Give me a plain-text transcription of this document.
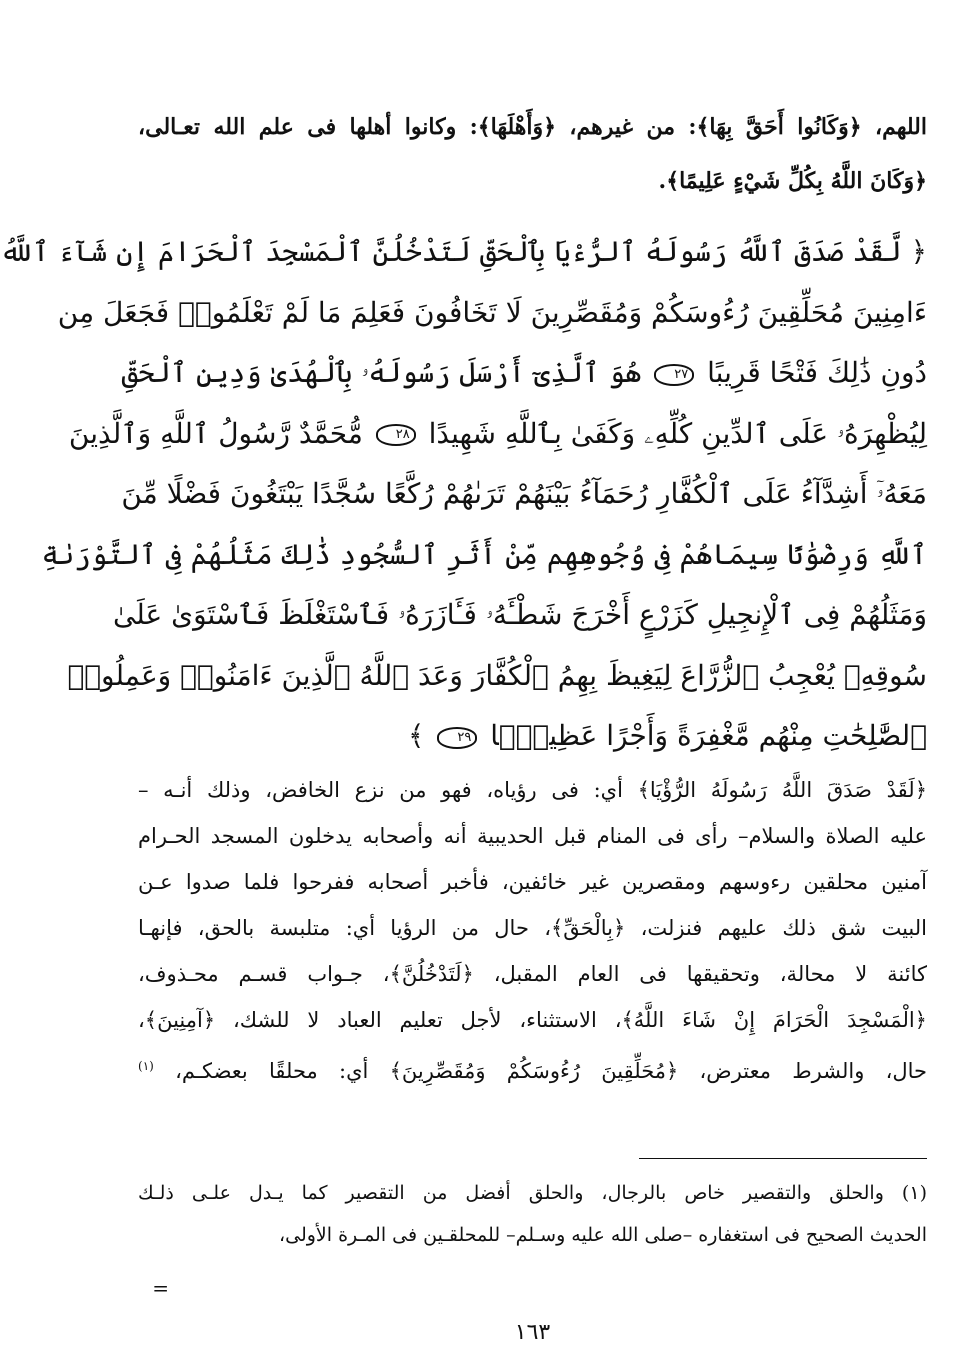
اللهم، ﴿وَكَانُوا أَحَقَّ بِهَا﴾: من غيرهم، ﴿وَأَهْلَهَا﴾: وكانوا أهلها فى علم الله تعـالى،
﴿وَكَانَ اللَّهُ بِكُلِّ شَيْءٍ عَلِيمًا﴾.
﴿ لَّقَدْ صَدَقَ ٱللَّهُ رَسُولَهُ ٱلرُّءْيَا بِٱلْحَقِّ لَتَدْخُلُنَّ ٱلْمَسْجِدَ ٱلْحَرَامَ إِن شَآءَ ٱللَّهُ
ءَامِنِينَ مُحَلِّقِينَ رُءُوسَكُمْ وَمُقَصِّرِينَ لَا تَخَافُونَ فَعَلِمَ مَا لَمْ تَعْلَمُوا۟ فَجَعَلَ مِن
دُونِ ذَٰلِكَ فَتْحًا قَرِيبًا ٢٧ هُوَ ٱلَّذِىٓ أَرْسَلَ رَسُولَهُۥ بِٱلْهُدَىٰ وَدِينِ ٱلْحَقِّ
لِيُظْهِرَهُۥ عَلَى ٱلدِّينِ كُلِّهِۦ وَكَفَىٰ بِٱللَّهِ شَهِيدًا ٢٨ مُّحَمَّدٌ رَّسُولُ ٱللَّهِ وَٱلَّذِينَ
مَعَهُۥٓ أَشِدَّآءُ عَلَى ٱلْكُفَّارِ رُحَمَآءُ بَيْنَهُمْ تَرَىٰهُمْ رُكَّعًا سُجَّدًا يَبْتَغُونَ فَضْلًا مِّنَ
ٱللَّهِ وَرِضْوَٰنًا سِيمَاهُمْ فِى وُجُوهِهِم مِّنْ أَثَرِ ٱلسُّجُودِ ذَٰلِكَ مَثَلُهُمْ فِى ٱلتَّوْرَىٰةِ
وَمَثَلُهُمْ فِى ٱلْإِنجِيلِ كَزَرْعٍ أَخْرَجَ شَطْـَٔهُۥ فَـَٔازَرَهُۥ فَٱسْتَغْلَظَ فَٱسْتَوَىٰ عَلَىٰ
سُوقِهِۦ يُعْجِبُ ٱلزُّرَّاعَ لِيَغِيظَ بِهِمُ ٱلْكُفَّارَ وَعَدَ ٱللَّهُ ٱلَّذِينَ ءَامَنُوا۟ وَعَمِلُوا۟
ٱلصَّٰلِحَٰتِ مِنْهُم مَّغْفِرَةً وَأَجْرًا عَظِيمًۢا ٢٩ ﴾
﴿لَقَدْ صَدَقَ اللَّهُ رَسُولَهُ الرُّؤْيَا﴾ أي: فى رؤياه، فهو من نزع الخافض، وذلك أنـه –
عليه الصلاة والسلام– رأى فى المنام قبل الحديبية أنه وأصحابه يدخلون المسجد الحـرام
آمنين محلقين رءوسهم ومقصرين غير خائفين، فأخبر أصحابه ففرحوا فلما صدوا عـن
البيت شق ذلك عليهم فنزلت، ﴿بِالْحَقِّ﴾، حال من الرؤيا أي: متلبسة بالحق، فإنهـا
كائنة لا محالة، وتحقيقها فى العام المقبل، ﴿لَتَدْخُلُنَّ﴾، جـواب قسـم محـذوف،
﴿الْمَسْجِدَ الْحَرَامَ إِنْ شَاءَ اللَّهُ﴾، الاستثناء، لأجل تعليم العباد لا للشك، ﴿آمِنِينَ﴾،
حال، والشرط معترض، ﴿مُحَلِّقِينَ رُءُوسَكُمْ وَمُقَصِّرِينَ﴾ أي: محلقًا بعضكـم، $^{(١)}$
(١) والحلق والتقصير خاص بالرجال، والحلق أفضل من التقصير كما يـدل علـى ذلـك
الحديث الصحيح فى استغفاره –صلى الله عليه وسـلم– للمحلقـين فى المـرة الأولى،
=
١٦٣
